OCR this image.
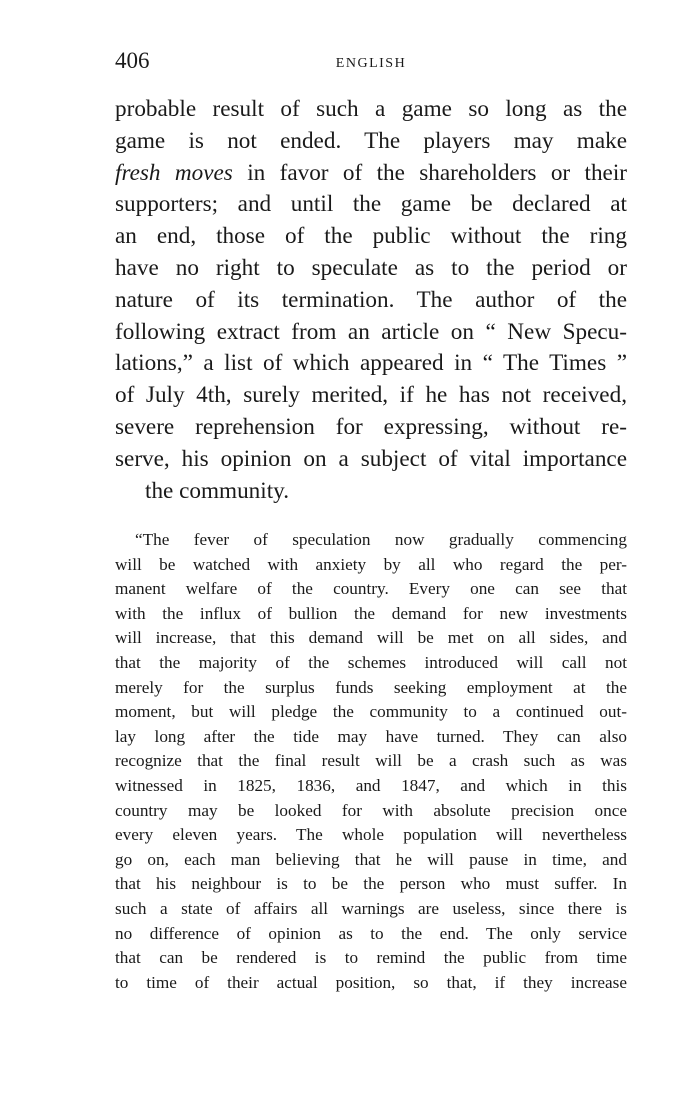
406	ENGLISH
probable result of such a game so long as the
game is not ended. The players may make
fresh moves in favor of the shareholders or their
supporters; and until the game be declared at
an end, those of the public without the ring
have no right to speculate as to the period or
nature of its termination. The author of the
following extract from an article on “ New Specu-
lations,” a list of which appeared in “ The Times ”
of July 4th, surely merited, if he has not received,
severe reprehension for expressing, without re-
serve, his opinion on a subject of vital importance
the community.
“The fever of speculation now gradually commencing
will be watched with anxiety by all who regard the per-
manent welfare of the country. Every one can see that
with the influx of bullion the demand for new investments
will increase, that this demand will be met on all sides, and
that the majority of the schemes introduced will call not
merely for the surplus funds seeking employment at the
moment, but will pledge the community to a continued out-
lay long after the tide may have turned. They can also
recognize that the final result will be a crash such as was
witnessed in 1825, 1836, and 1847, and which in this
country may be looked for with absolute precision once
every eleven years. The whole population will nevertheless
go on, each man believing that he will pause in time, and
that his neighbour is to be the person who must suffer. In
such a state of affairs all warnings are useless, since there is
no difference of opinion as to the end. The only service
that can be rendered is to remind the public from time
to time of their actual position, so that, if they increase
